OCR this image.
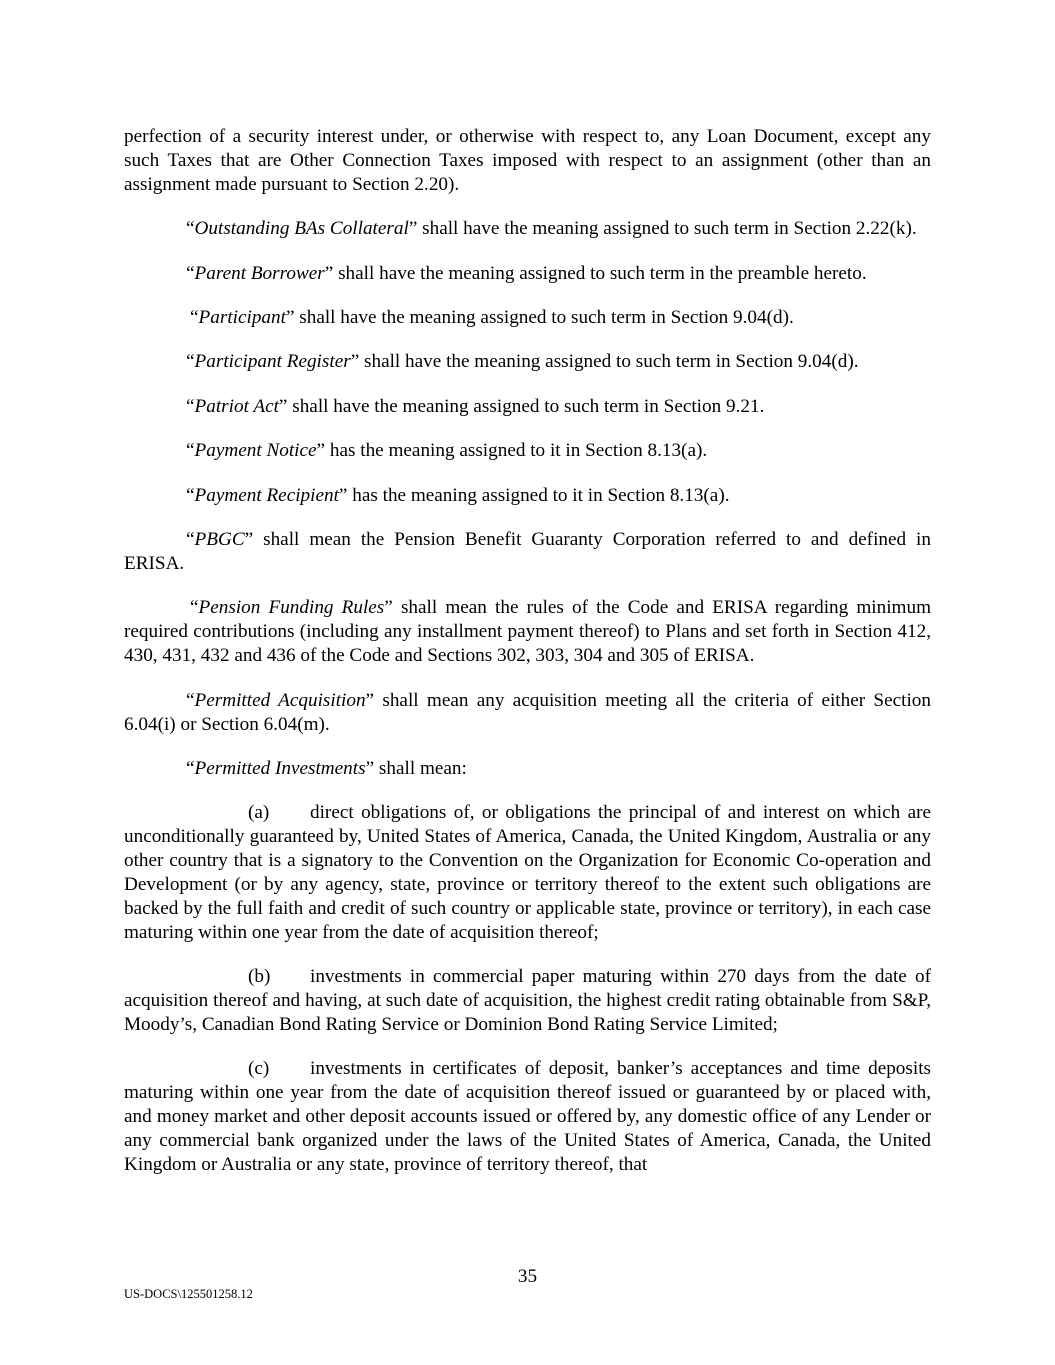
perfection of a security interest under, or otherwise with respect to, any Loan Document, except any such Taxes that are Other Connection Taxes imposed with respect to an assignment (other than an assignment made pursuant to Section 2.20).

“Outstanding BAs Collateral” shall have the meaning assigned to such term in Section 2.22(k).

“Parent Borrower” shall have the meaning assigned to such term in the preamble hereto.

“Participant” shall have the meaning assigned to such term in Section 9.04(d).

“Participant Register” shall have the meaning assigned to such term in Section 9.04(d).

“Patriot Act” shall have the meaning assigned to such term in Section 9.21.

“Payment Notice” has the meaning assigned to it in Section 8.13(a).

“Payment Recipient” has the meaning assigned to it in Section 8.13(a).

“PBGC” shall mean the Pension Benefit Guaranty Corporation referred to and defined in ERISA.

“Pension Funding Rules” shall mean the rules of the Code and ERISA regarding minimum required contributions (including any installment payment thereof) to Plans and set forth in Section 412, 430, 431, 432 and 436 of the Code and Sections 302, 303, 304 and 305 of ERISA.

“Permitted Acquisition” shall mean any acquisition meeting all the criteria of either Section 6.04(i) or Section 6.04(m).

“Permitted Investments” shall mean:

(a) direct obligations of, or obligations the principal of and interest on which are unconditionally guaranteed by, United States of America, Canada, the United Kingdom, Australia or any other country that is a signatory to the Convention on the Organization for Economic Co-operation and Development (or by any agency, state, province or territory thereof to the extent such obligations are backed by the full faith and credit of such country or applicable state, province or territory), in each case maturing within one year from the date of acquisition thereof;

(b) investments in commercial paper maturing within 270 days from the date of acquisition thereof and having, at such date of acquisition, the highest credit rating obtainable from S&P, Moody’s, Canadian Bond Rating Service or Dominion Bond Rating Service Limited;

(c) investments in certificates of deposit, banker’s acceptances and time deposits maturing within one year from the date of acquisition thereof issued or guaranteed by or placed with, and money market and other deposit accounts issued or offered by, any domestic office of any Lender or any commercial bank organized under the laws of the United States of America, Canada, the United Kingdom or Australia or any state, province of territory thereof, that

35
US-DOCS\125501258.12
